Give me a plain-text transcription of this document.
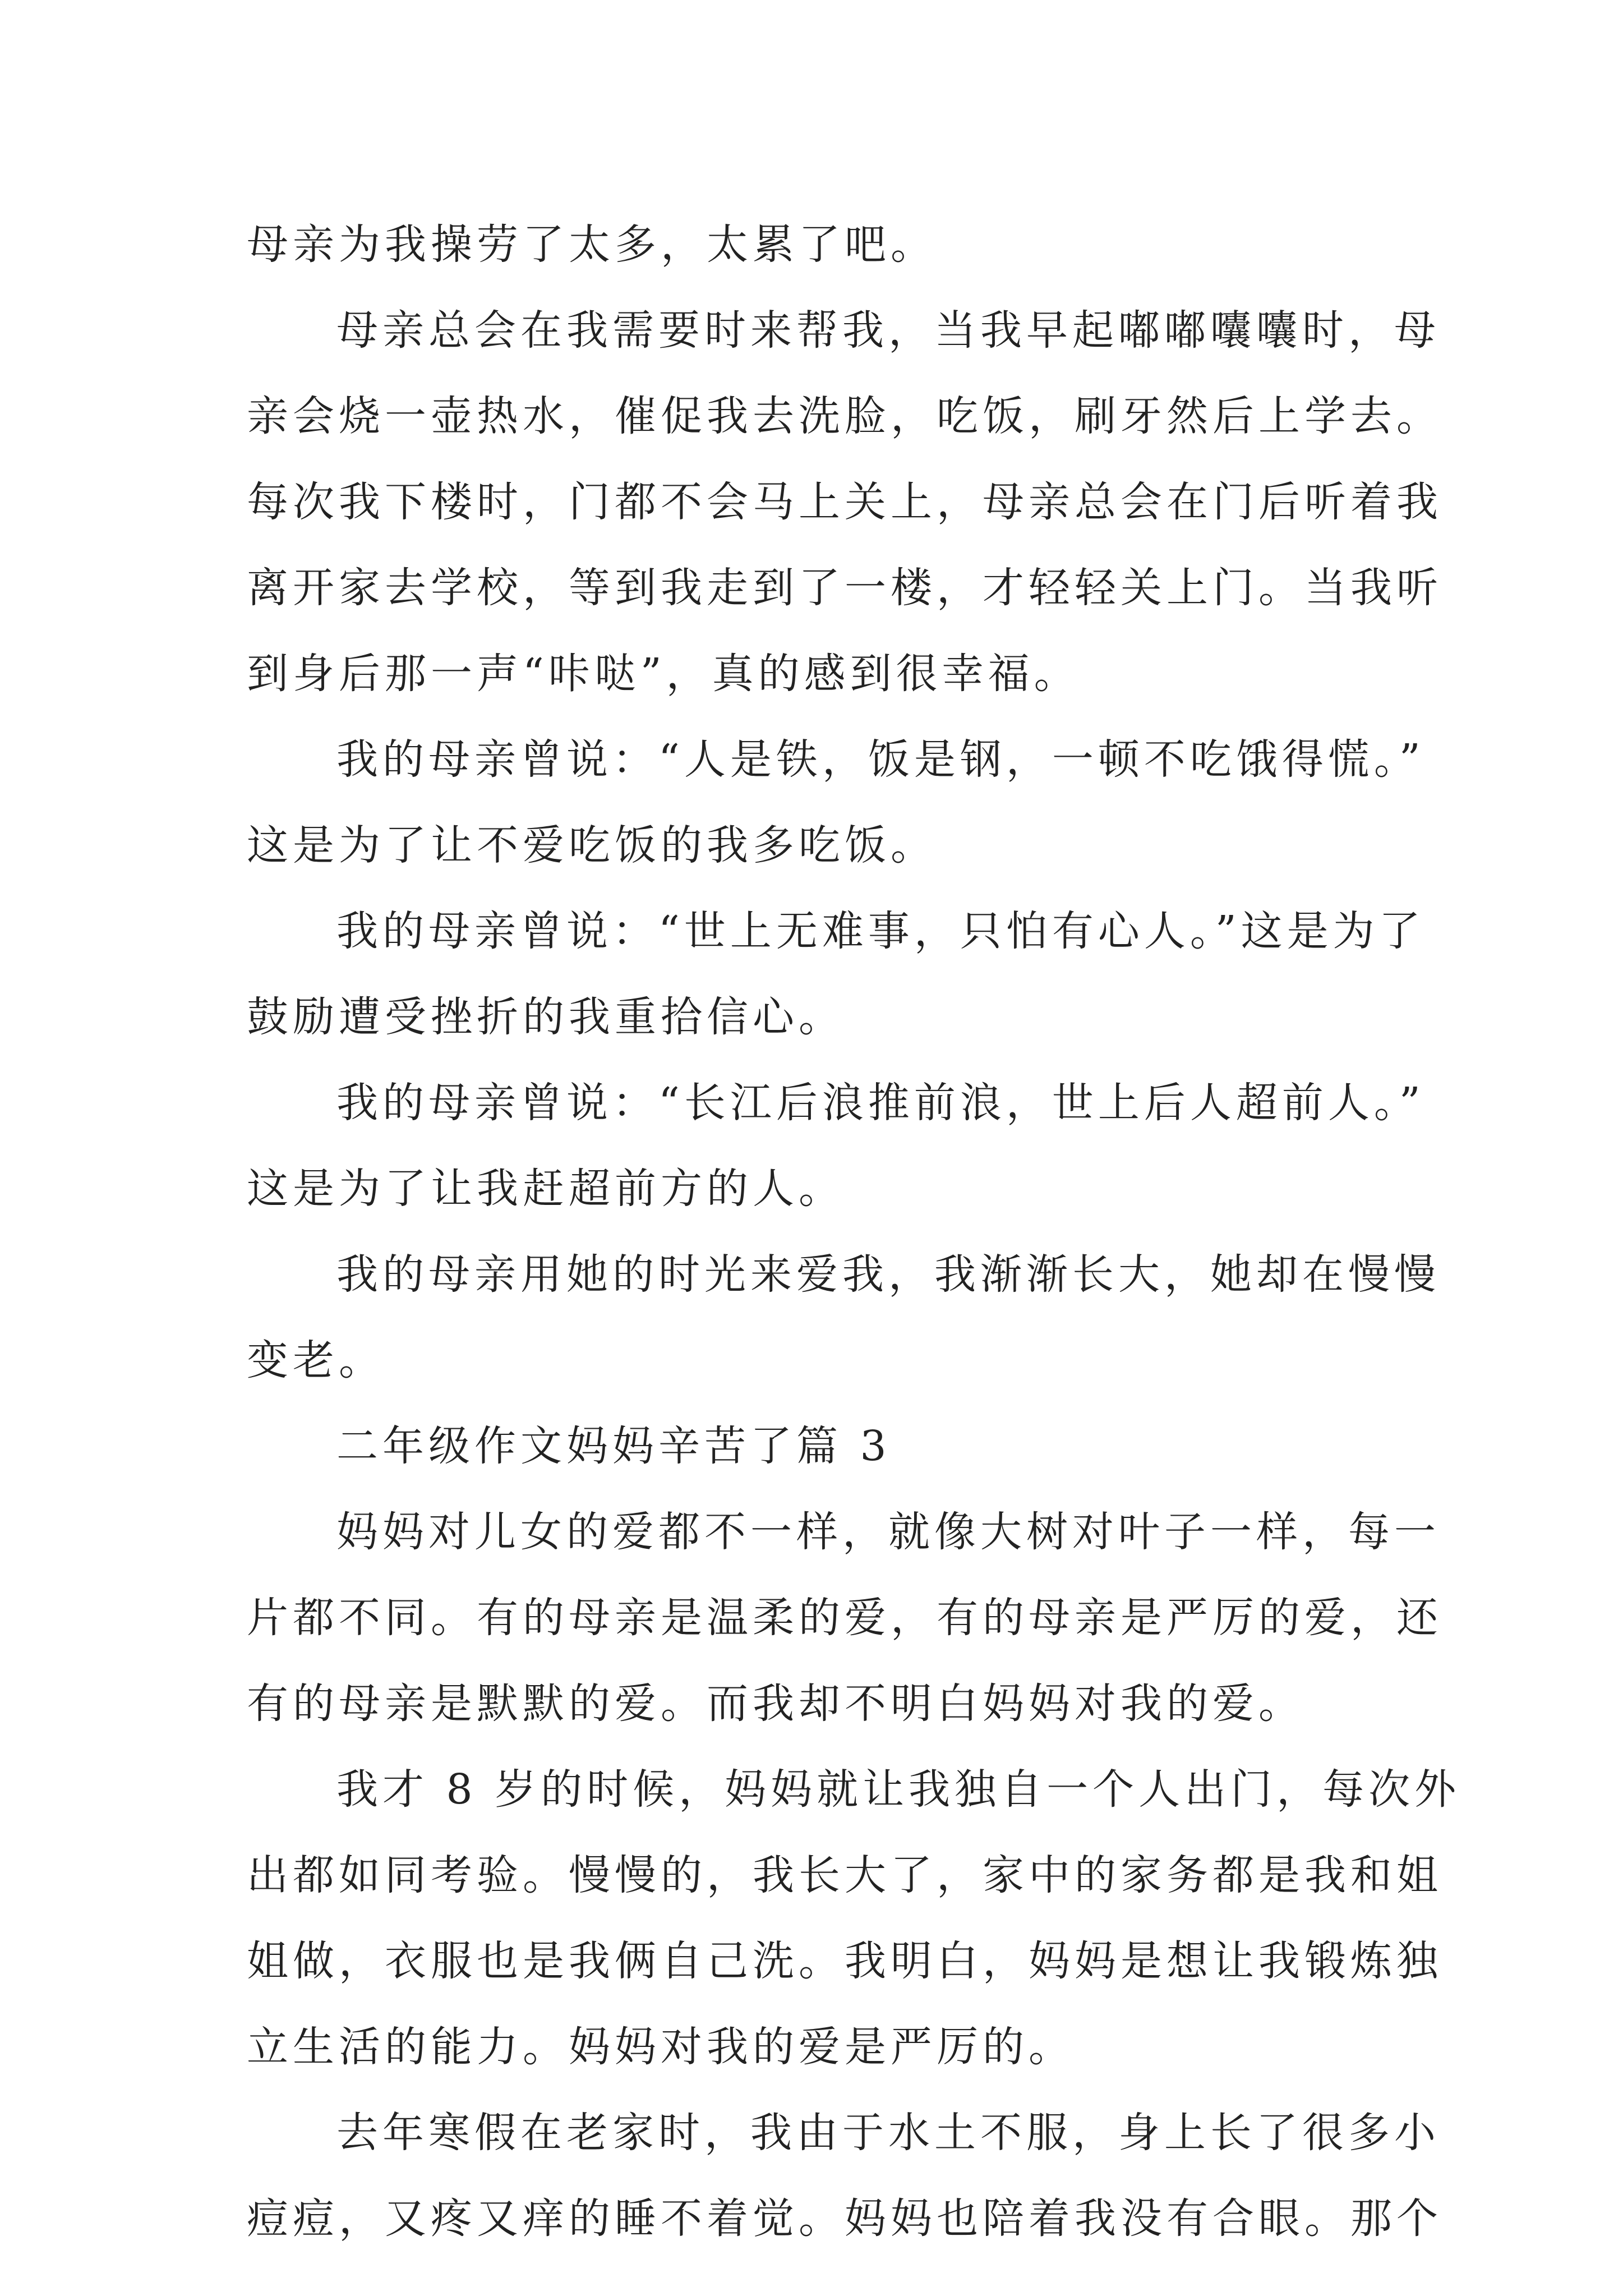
母亲为我操劳了太多，太累了吧。
母亲总会在我需要时来帮我，当我早起嘟嘟囔囔时，母
亲会烧一壶热水，催促我去洗脸，吃饭，刷牙然后上学去。
每次我下楼时，门都不会马上关上，母亲总会在门后听着我
离开家去学校，等到我走到了一楼，才轻轻关上门。当我听
到身后那一声“咔哒”，真的感到很幸福。
我的母亲曾说：“人是铁，饭是钢，一顿不吃饿得慌。”
这是为了让不爱吃饭的我多吃饭。
我的母亲曾说：“世上无难事，只怕有心人。”这是为了
鼓励遭受挫折的我重拾信心。
我的母亲曾说：“长江后浪推前浪，世上后人超前人。”
这是为了让我赶超前方的人。
我的母亲用她的时光来爱我，我渐渐长大，她却在慢慢
变老。
二年级作文妈妈辛苦了篇 3
妈妈对儿女的爱都不一样，就像大树对叶子一样，每一
片都不同。有的母亲是温柔的爱，有的母亲是严厉的爱，还
有的母亲是默默的爱。而我却不明白妈妈对我的爱。
我才 8 岁的时候，妈妈就让我独自一个人出门，每次外
出都如同考验。慢慢的，我长大了，家中的家务都是我和姐
姐做，衣服也是我俩自己洗。我明白，妈妈是想让我锻炼独
立生活的能力。妈妈对我的爱是严厉的。
去年寒假在老家时，我由于水土不服，身上长了很多小
痘痘，又疼又痒的睡不着觉。妈妈也陪着我没有合眼。那个
